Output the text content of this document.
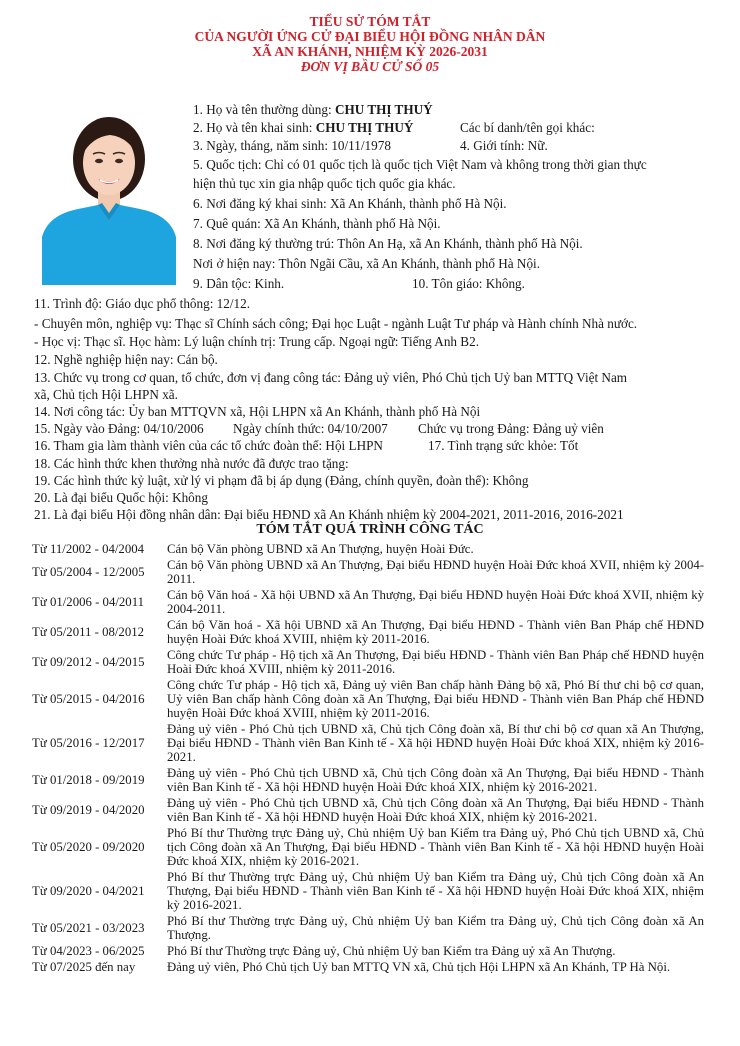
TIỂU SỬ TÓM TẮT
CỦA NGƯỜI ỨNG CỬ ĐẠI BIỂU HỘI ĐỒNG NHÂN DÂN
XÃ AN KHÁNH, NHIỆM KỲ 2026-2031
ĐƠN VỊ BẦU CỬ SỐ 05
1. Họ và tên thường dùng: CHU THỊ THUÝ
2. Họ và tên khai sinh: CHU THỊ THUÝ	Các bí danh/tên gọi khác:
3. Ngày, tháng, năm sinh: 10/11/1978	4. Giới tính: Nữ.
5. Quốc tịch: Chỉ có 01 quốc tịch là quốc tịch Việt Nam và không trong thời gian thực
hiện thủ tục xin gia nhập quốc tịch quốc gia khác.
6. Nơi đăng ký khai sinh: Xã An Khánh, thành phố Hà Nội.
7. Quê quán: Xã An Khánh, thành phố Hà Nội.
8. Nơi đăng ký thường trú: Thôn An Hạ, xã An Khánh, thành phố Hà Nội.
Nơi ở hiện nay: Thôn Ngãi Cầu, xã An Khánh, thành phố Hà Nội.
9. Dân tộc: Kinh.	10. Tôn giáo: Không.
11. Trình độ: Giáo dục phổ thông: 12/12.
- Chuyên môn, nghiệp vụ: Thạc sĩ Chính sách công; Đại học Luật - ngành Luật Tư pháp và Hành chính Nhà nước.
- Học vị: Thạc sĩ. Học hàm: Lý luận chính trị: Trung cấp. Ngoại ngữ: Tiếng Anh B2.
12. Nghề nghiệp hiện nay: Cán bộ.
13. Chức vụ trong cơ quan, tổ chức, đơn vị đang công tác: Đảng uỷ viên, Phó Chủ tịch Uỷ ban MTTQ Việt Nam
xã, Chủ tịch Hội LHPN xã.
14. Nơi công tác: Ủy ban MTTQVN xã, Hội LHPN xã An Khánh, thành phố Hà Nội
15. Ngày vào Đảng: 04/10/2006 Ngày chính thức: 04/10/2007 Chức vụ trong Đảng: Đảng uỷ viên
16. Tham gia làm thành viên của các tổ chức đoàn thể: Hội LHPN	17. Tình trạng sức khỏe: Tốt
18. Các hình thức khen thưởng nhà nước đã được trao tặng:
19. Các hình thức kỷ luật, xử lý vi phạm đã bị áp dụng (Đảng, chính quyền, đoàn thể): Không
20. Là đại biểu Quốc hội: Không
21. Là đại biểu Hội đồng nhân dân: Đại biểu HĐND xã An Khánh nhiệm kỳ 2004-2021, 2011-2016, 2016-2021
TÓM TẮT QUÁ TRÌNH CÔNG TÁC
Từ 11/2002 - 04/2004	Cán bộ Văn phòng UBND xã An Thượng, huyện Hoài Đức.
Từ 05/2004 - 12/2005	Cán bộ Văn phòng UBND xã An Thượng, Đại biểu HĐND huyện Hoài Đức khoá XVII, nhiệm kỳ 2004-2011.
Từ 01/2006 - 04/2011	Cán bộ Văn hoá - Xã hội UBND xã An Thượng, Đại biểu HĐND huyện Hoài Đức khoá XVII, nhiệm kỳ 2004-2011.
Từ 05/2011 - 08/2012	Cán bộ Văn hoá - Xã hội UBND xã An Thượng, Đại biểu HĐND - Thành viên Ban Pháp chế HĐND huyện Hoài Đức khoá XVIII, nhiệm kỳ 2011-2016.
Từ 09/2012 - 04/2015	Công chức Tư pháp - Hộ tịch xã An Thượng, Đại biểu HĐND - Thành viên Ban Pháp chế HĐND huyện Hoài Đức khoá XVIII, nhiệm kỳ 2011-2016.
Từ 05/2015 - 04/2016	Công chức Tư pháp - Hộ tịch xã, Đảng uỷ viên Ban chấp hành Đảng bộ xã, Phó Bí thư chi bộ cơ quan, Uỷ viên Ban chấp hành Công đoàn xã An Thượng, Đại biểu HĐND - Thành viên Ban Pháp chế HĐND huyện Hoài Đức khoá XVIII, nhiệm kỳ 2011-2016.
Từ 05/2016 - 12/2017	Đảng uỷ viên - Phó Chủ tịch UBND xã, Chủ tịch Công đoàn xã, Bí thư chi bộ cơ quan xã An Thượng, Đại biểu HĐND - Thành viên Ban Kinh tế - Xã hội HĐND huyện Hoài Đức khoá XIX, nhiệm kỳ 2016-2021.
Từ 01/2018 - 09/2019	Đảng uỷ viên - Phó Chủ tịch UBND xã, Chủ tịch Công đoàn xã An Thượng, Đại biểu HĐND - Thành viên Ban Kinh tế - Xã hội HĐND huyện Hoài Đức khoá XIX, nhiệm kỳ 2016-2021.
Từ 09/2019 - 04/2020	Đảng uỷ viên - Phó Chủ tịch UBND xã, Chủ tịch Công đoàn xã An Thượng, Đại biểu HĐND - Thành viên Ban Kinh tế - Xã hội HĐND huyện Hoài Đức khoá XIX, nhiệm kỳ 2016-2021.
Từ 05/2020 - 09/2020	Phó Bí thư Thường trực Đảng uỷ, Chủ nhiệm Uỷ ban Kiểm tra Đảng uỷ, Phó Chủ tịch UBND xã, Chủ tịch Công đoàn xã An Thượng, Đại biểu HĐND - Thành viên Ban Kinh tế - Xã hội HĐND huyện Hoài Đức khoá XIX, nhiệm kỳ 2016-2021.
Từ 09/2020 - 04/2021	Phó Bí thư Thường trực Đảng uỷ, Chủ nhiệm Uỷ ban Kiểm tra Đảng uỷ, Chủ tịch Công đoàn xã An Thượng, Đại biểu HĐND - Thành viên Ban Kinh tế - Xã hội HĐND huyện Hoài Đức khoá XIX, nhiệm kỳ 2016-2021.
Từ 05/2021 - 03/2023	Phó Bí thư Thường trực Đảng uỷ, Chủ nhiệm Uỷ ban Kiểm tra Đảng uỷ, Chủ tịch Công đoàn xã An Thượng.
Từ 04/2023 - 06/2025	Phó Bí thư Thường trực Đảng uỷ, Chủ nhiệm Uỷ ban Kiểm tra Đảng uỷ xã An Thượng.
Từ 07/2025 đến nay	Đảng uỷ viên, Phó Chủ tịch Uỷ ban MTTQ VN xã, Chủ tịch Hội LHPN xã An Khánh, TP Hà Nội.
